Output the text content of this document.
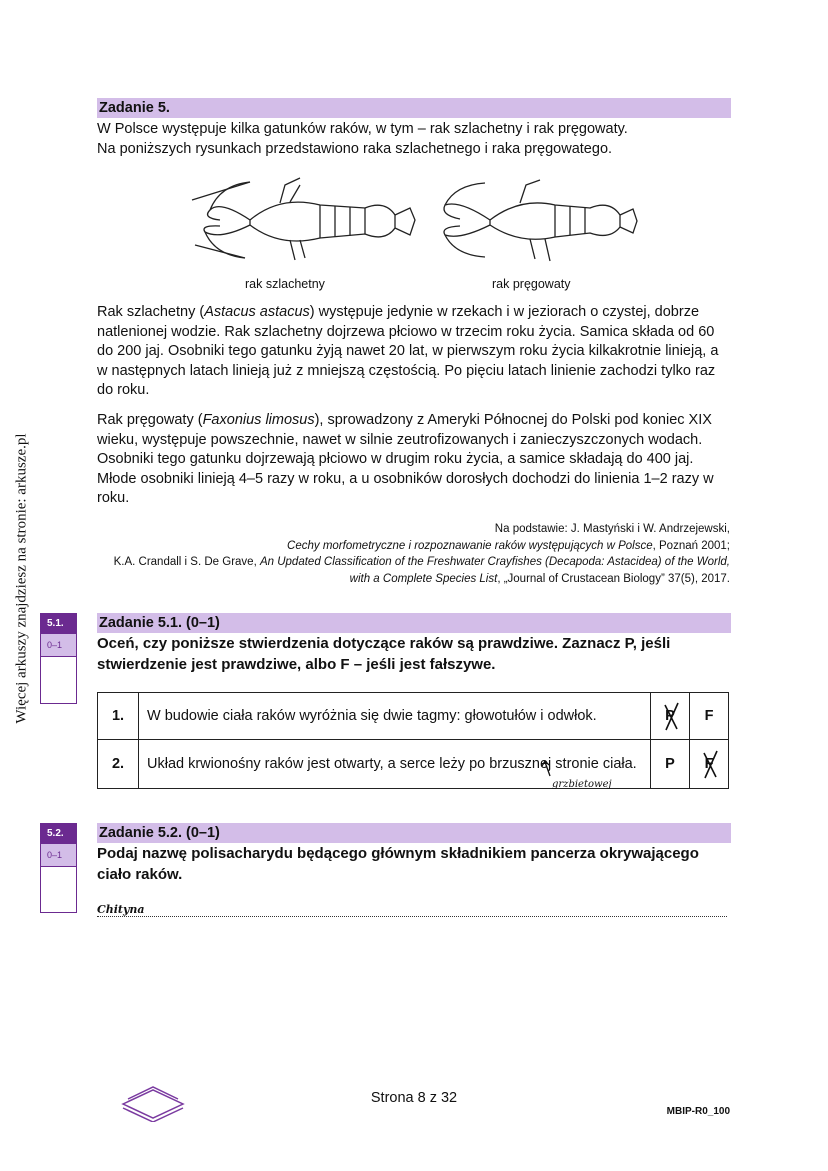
Więcej arkuszy znajdziesz na stronie: arkusze.pl
Zadanie 5.
W Polsce występuje kilka gatunków raków, w tym – rak szlachetny i rak pręgowaty.
Na poniższych rysunkach przedstawiono raka szlachetnego i raka pręgowatego.
rak szlachetny	rak pręgowaty
Rak szlachetny (Astacus astacus) występuje jedynie w rzekach i w jeziorach o czystej, dobrze natlenionej wodzie. Rak szlachetny dojrzewa płciowo w trzecim roku życia. Samica składa od 60 do 200 jaj. Osobniki tego gatunku żyją nawet 20 lat, w pierwszym roku życia kilkakrotnie linieją, a w następnych latach linieją już z mniejszą częstością. Po pięciu latach linienie zachodzi tylko raz do roku.
Rak pręgowaty (Faxonius limosus), sprowadzony z Ameryki Północnej do Polski pod koniec XIX wieku, występuje powszechnie, nawet w silnie zeutrofizowanych i zanieczyszczonych wodach. Osobniki tego gatunku dojrzewają płciowo w drugim roku życia, a samice składają do 400 jaj. Młode osobniki linieją 4–5 razy w roku, a u osobników dorosłych dochodzi do linienia 1–2 razy w roku.
Na podstawie: J. Mastyński i W. Andrzejewski,
Cechy morfometryczne i rozpoznawanie raków występujących w Polsce, Poznań 2001;
K.A. Crandall i S. De Grave, An Updated Classification of the Freshwater Crayfishes (Decapoda: Astacidea) of the World, with a Complete Species List, „Journal of Crustacean Biology” 37(5), 2017.
5.1.
0–1
Zadanie 5.1. (0–1)
Oceń, czy poniższe stwierdzenia dotyczące raków są prawdziwe. Zaznacz P, jeśli stwierdzenie jest prawdziwe, albo F – jeśli jest fałszywe.
1.	W budowie ciała raków wyróżnia się dwie tagmy: głowotułów i odwłok.	P	F
2.	Układ krwionośny raków jest otwarty, a serce leży po brzusznej stronie ciała.	P	F
grzbietowej
5.2.
0–1
Zadanie 5.2. (0–1)
Podaj nazwę polisacharydu będącego głównym składnikiem pancerza okrywającego ciało raków.
Chityna
Strona 8 z 32
MBIP-R0_100
